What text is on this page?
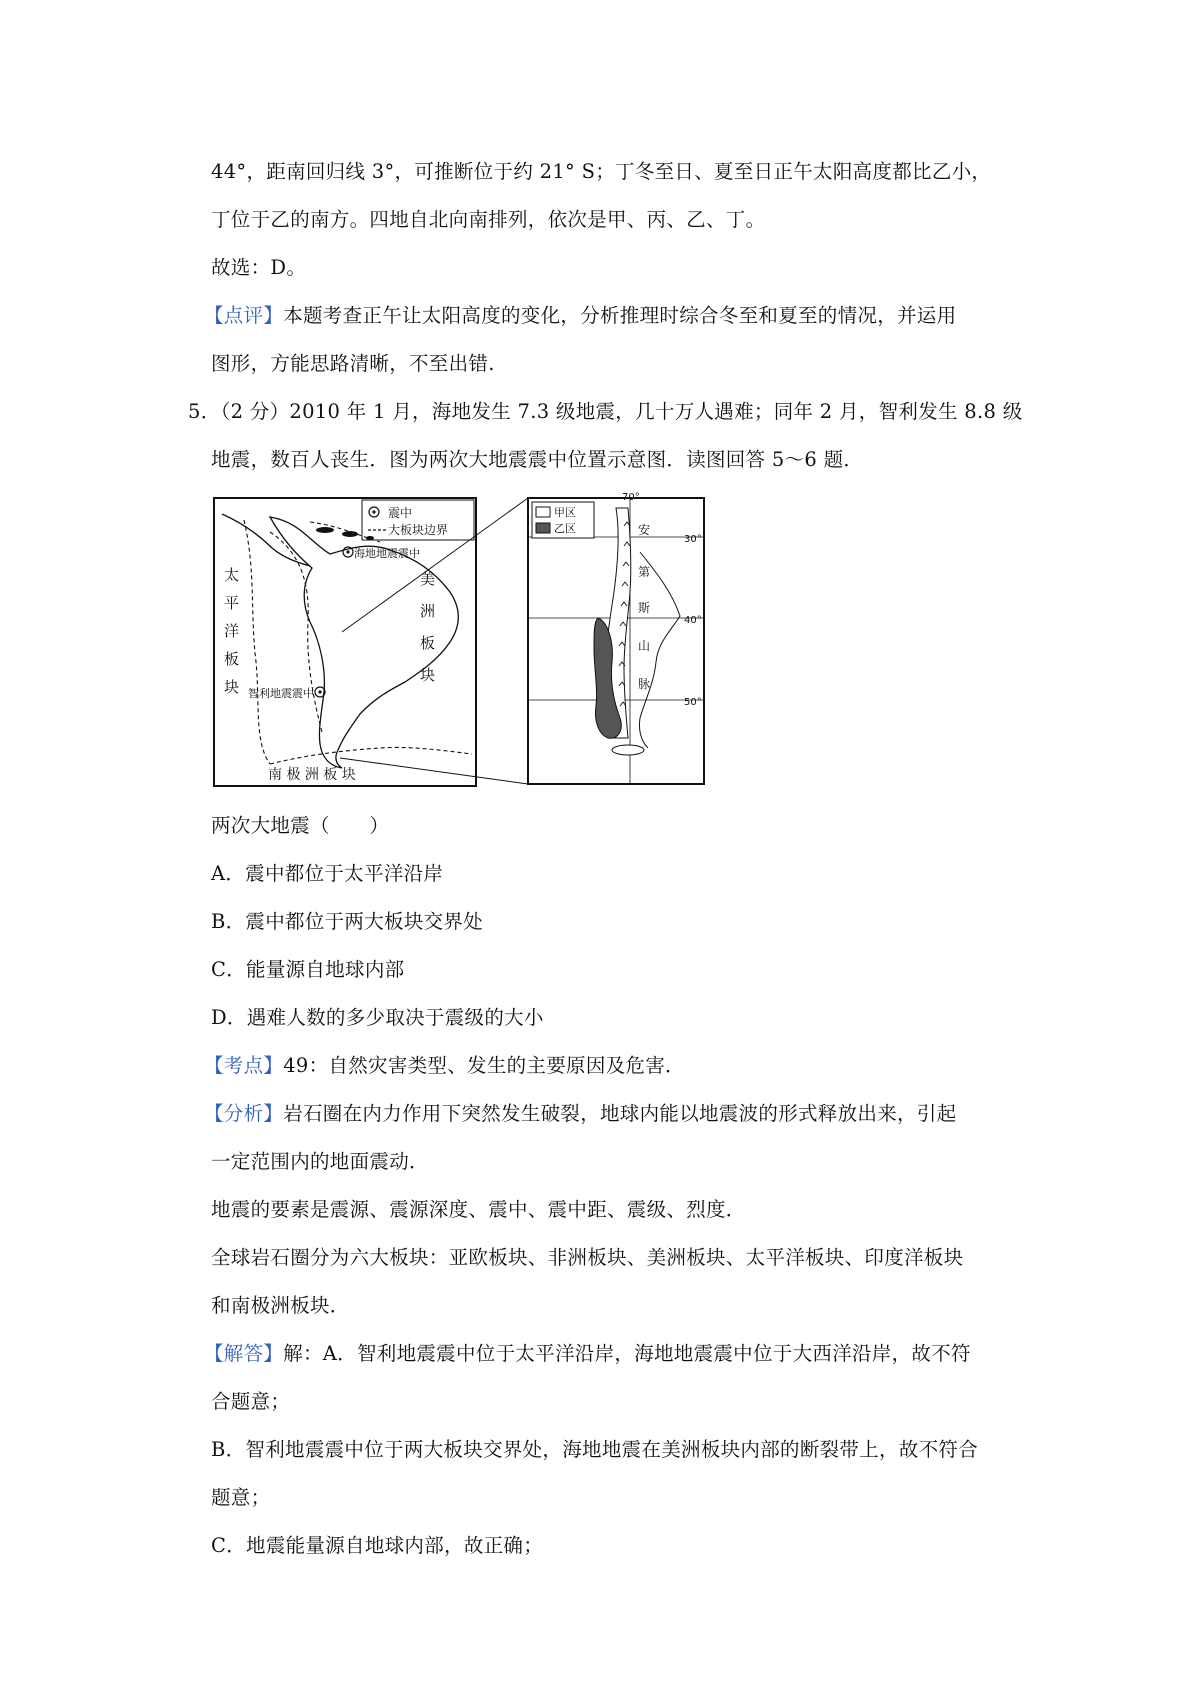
44°，距南回归线 3°，可推断位于约 21° S；丁冬至日、夏至日正午太阳高度都比乙小，
丁位于乙的南方。四地自北向南排列，依次是甲、丙、乙、丁。
故选：D。
【点评】本题考查正午让太阳高度的变化，分析推理时综合冬至和夏至的情况，并运用
图形，方能思路清晰，不至出错.
5．（2 分）2010 年 1 月，海地发生 7.3 级地震，几十万人遇难；同年 2 月，智利发生 8.8 级
地震，数百人丧生．图为两次大地震震中位置示意图．读图回答 5～6 题．
震中
大板块边界
海地地震震中
智利地震震中
太
平
洋
板
块
美
洲
板
块
南 极 洲 板 块
70°
30°
40°
50°
甲区
乙区	安
第
斯
山
脉
两次大地震（　　）
A．震中都位于太平洋沿岸
B．震中都位于两大板块交界处
C．能量源自地球内部
D．遇难人数的多少取决于震级的大小
【考点】49：自然灾害类型、发生的主要原因及危害．
【分析】岩石圈在内力作用下突然发生破裂，地球内能以地震波的形式释放出来，引起
一定范围内的地面震动．
地震的要素是震源、震源深度、震中、震中距、震级、烈度．
全球岩石圈分为六大板块：亚欧板块、非洲板块、美洲板块、太平洋板块、印度洋板块
和南极洲板块．
【解答】解：A．智利地震震中位于太平洋沿岸，海地地震震中位于大西洋沿岸，故不符
合题意；
B．智利地震震中位于两大板块交界处，海地地震在美洲板块内部的断裂带上，故不符合
题意；
C．地震能量源自地球内部，故正确；
